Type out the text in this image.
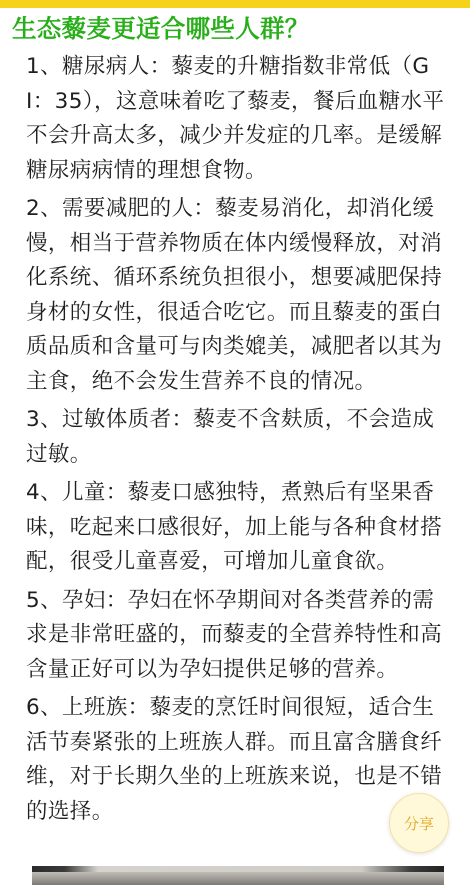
生态藜麦更适合哪些人群？

1、糖尿病人：藜麦的升糖指数非常低（GI：35），这意味着吃了藜麦，餐后血糖水平不会升高太多，减少并发症的几率。是缓解糖尿病病情的理想食物。

2、需要减肥的人：藜麦易消化，却消化缓慢，相当于营养物质在体内缓慢释放，对消化系统、循环系统负担很小，想要减肥保持身材的女性，很适合吃它。而且藜麦的蛋白质品质和含量可与肉类媲美，减肥者以其为主食，绝不会发生营养不良的情况。

3、过敏体质者：藜麦不含麸质，不会造成过敏。

4、儿童：藜麦口感独特，煮熟后有坚果香味，吃起来口感很好，加上能与各种食材搭配，很受儿童喜爱，可增加儿童食欲。

5、孕妇：孕妇在怀孕期间对各类营养的需求是非常旺盛的，而藜麦的全营养特性和高含量正好可以为孕妇提供足够的营养。

6、上班族：藜麦的烹饪时间很短，适合生活节奏紧张的上班族人群。而且富含膳食纤维，对于长期久坐的上班族来说，也是不错的选择。	分享
